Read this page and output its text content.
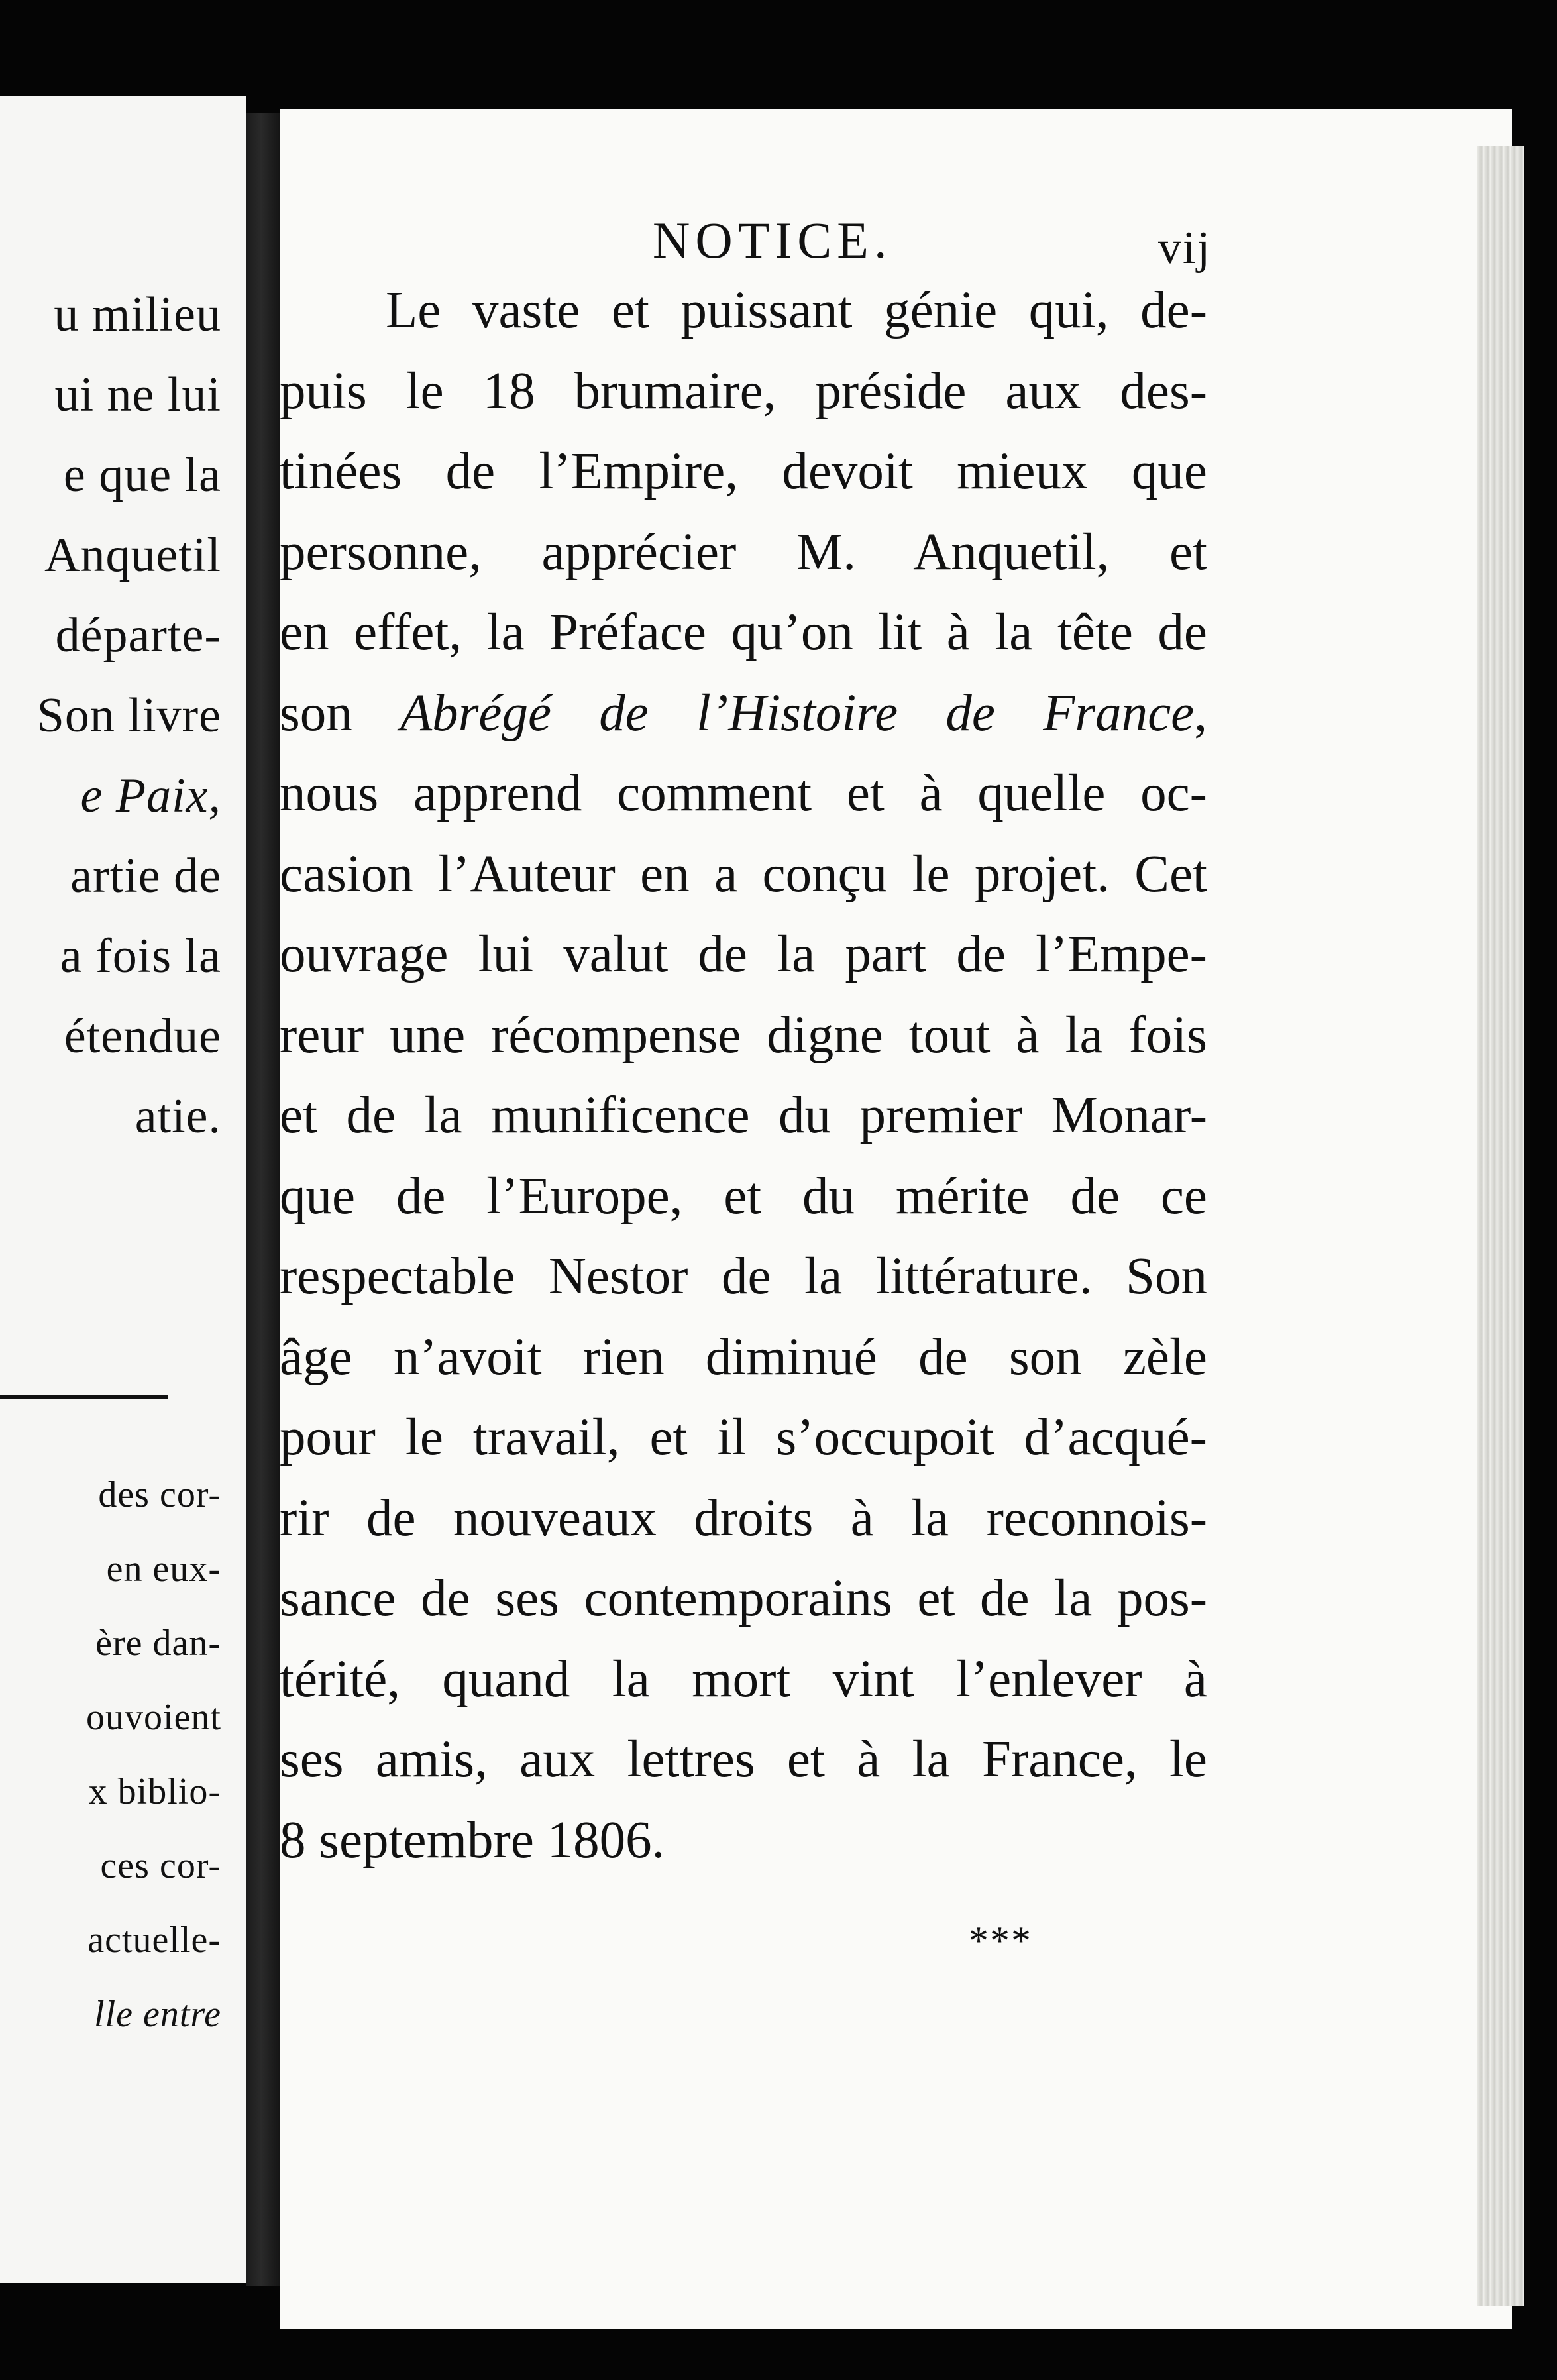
u milieu
ui ne lui
e que la
Anquetil
départe-
Son livre
e Paix,
artie de
a fois la
étendue
atie.
des cor-
en eux-
ère dan-
ouvoient
x biblio-
ces cor-
actuelle-
lle entre
NOTICE.	vij
Le vaste et puissant génie qui, de-
puis le 18 brumaire, préside aux des-
tinées de l’Empire, devoit mieux que
personne, apprécier M. Anquetil, et
en effet, la Préface qu’on lit à la tête de
son Abrégé de l’Histoire de France,
nous apprend comment et à quelle oc-
casion l’Auteur en a conçu le projet. Cet
ouvrage lui valut de la part de l’Empe-
reur une récompense digne tout à la fois
et de la munificence du premier Monar-
que de l’Europe, et du mérite de ce
respectable Nestor de la littérature. Son
âge n’avoit rien diminué de son zèle
pour le travail, et il s’occupoit d’acqué-
rir de nouveaux droits à la reconnois-
sance de ses contemporains et de la pos-
térité, quand la mort vint l’enlever à
ses amis, aux lettres et à la France, le
8 septembre 1806.
***
